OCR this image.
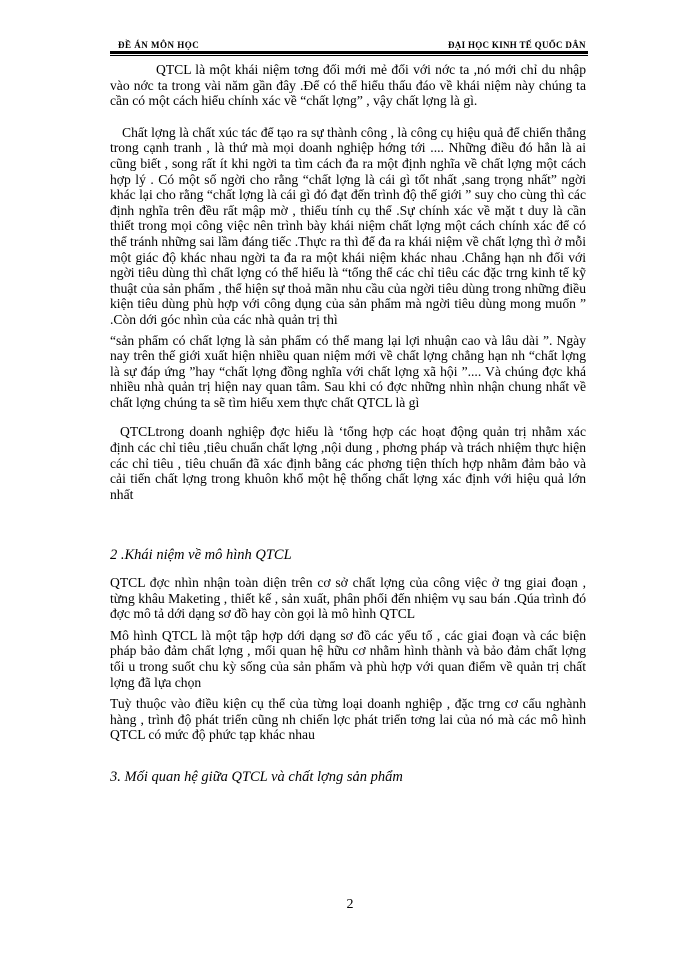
ĐỀ ÁN MÔN HỌC	ĐẠI HỌC KINH TẾ QUỐC DÂN

QTCL là một khái niệm tơng đối mới mẻ đối với nớc ta ,nó mới chỉ du nhập vào nớc ta trong vài năm gần đây .Để có thể hiểu thấu đáo về khái niệm này chúng ta cần có một cách hiểu chính xác về “chất lợng” , vậy chất lợng là gì.

Chất lợng là chất xúc tác để tạo ra sự thành công , là công cụ hiệu quả để chiến thắng trong cạnh tranh , là thứ mà mọi doanh nghiệp hớng tới .... Những điều đó hẳn là ai cũng biết , song rất ít khi ngời ta tìm cách đa ra một định nghĩa về chất lợng một cách hợp lý . Có một số ngời cho rằng “chất lợng là cái gì tốt nhất ,sang trọng nhất” ngời khác lại cho rằng “chất lợng là cái gì đó đạt đến trình độ thế giới ” suy cho cùng thì các định nghĩa trên đều rất mập mờ , thiếu tính cụ thể .Sự chính xác về mặt t duy là cần thiết trong mọi công việc nên trình bày khái niệm chất lợng một cách chính xác để có thể tránh những sai lầm đáng tiếc .Thực ra thì để đa ra khái niệm về chất lợng thì ở mỗi một giác độ khác nhau ngời ta đa ra một khái niệm khác nhau .Chẳng hạn nh đối với ngời tiêu dùng thì chất lợng có thể hiểu là “tổng thể các chỉ tiêu các đặc trng kinh tế kỹ thuật của sản phẩm , thể hiện sự thoả mãn nhu cầu của ngời tiêu dùng trong những điều kiện tiêu dùng phù hợp với công dụng của sản phẩm mà ngời tiêu dùng mong muốn ” .Còn dới góc nhìn của các nhà quản trị thì

“sản phẩm có chất lợng là sản phẩm có thể mang lại lợi nhuận cao và lâu dài ”. Ngày nay trên thế giới xuất hiện nhiều quan niệm mới về chất lợng chẳng hạn nh “chất lợng là sự đáp ứng ”hay “chất lợng đồng nghĩa với chất lợng xã hội ”.... Và chúng đợc khá nhiều nhà quản trị hiện nay quan tâm. Sau khi có đợc những nhìn nhận chung nhất về chất lợng chúng ta sẽ tìm hiểu xem thực chất QTCL là gì

QTCLtrong doanh nghiệp đợc hiểu là ‘tổng hợp các hoạt động quản trị nhằm xác định các chỉ tiêu ,tiêu chuẩn chất lợng ,nội dung , phơng pháp và trách nhiệm thực hiện các chỉ tiêu , tiêu chuẩn đã xác định bằng các phơng tiện thích hợp nhằm đảm bảo và cải tiến chất lợng trong khuôn khổ một hệ thống chất lợng xác định với hiệu quả lớn nhất

2 .Khái niệm về mô hình QTCL

QTCL đợc nhìn nhận toàn diện trên cơ sở chất lợng của công việc ở tng giai đoạn , từng khâu Maketing , thiết kế , sản xuất, phân phối đến nhiệm vụ sau bán .Qúa trình đó đợc mô tả dới dạng sơ đồ hay còn gọi là mô hình QTCL

Mô hình QTCL là một tập hợp dới dạng sơ đồ các yếu tố , các giai đoạn và các biện pháp bảo đảm chất lợng , mối quan hệ hữu cơ nhằm hình thành và bảo đảm chất lợng tối u trong suốt chu kỳ sống của sản phẩm và phù hợp với quan điểm về quản trị chất lợng đã lựa chọn

Tuỳ thuộc vào điều kiện cụ thể của từng loại doanh nghiệp , đặc trng cơ cấu nghành hàng , trình độ phát triển cũng nh chiến lợc phát triển tơng lai của nó mà các mô hình QTCL có mức độ phức tạp khác nhau

3. Mối quan hệ giữa QTCL và chất lợng sản phẩm

2
